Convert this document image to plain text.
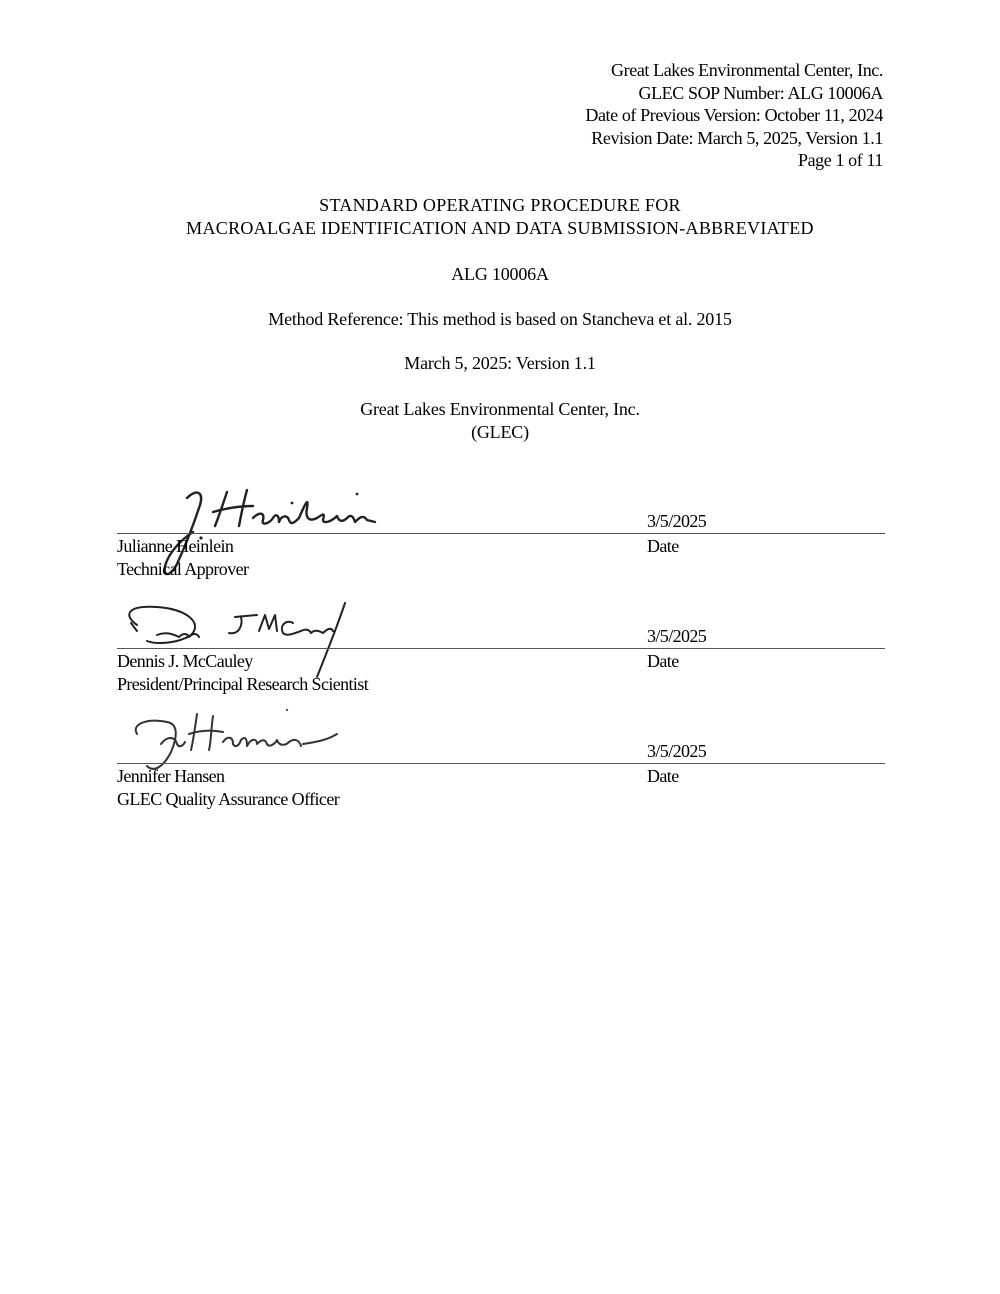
Great Lakes Environmental Center, Inc.
GLEC SOP Number: ALG 10006A
Date of Previous Version: October 11, 2024
Revision Date: March 5, 2025, Version 1.1
Page 1 of 11
STANDARD OPERATING PROCEDURE FOR
MACROALGAE IDENTIFICATION AND DATA SUBMISSION-ABBREVIATED
ALG 10006A
Method Reference: This method is based on Stancheva et al. 2015
March 5, 2025: Version 1.1
Great Lakes Environmental Center, Inc.
(GLEC)
3/5/2025
Julianne Heinlein	Date
Technical Approver
3/5/2025
Dennis J. McCauley	Date
President/Principal Research Scientist
3/5/2025
Jennifer Hansen	Date
GLEC Quality Assurance Officer
